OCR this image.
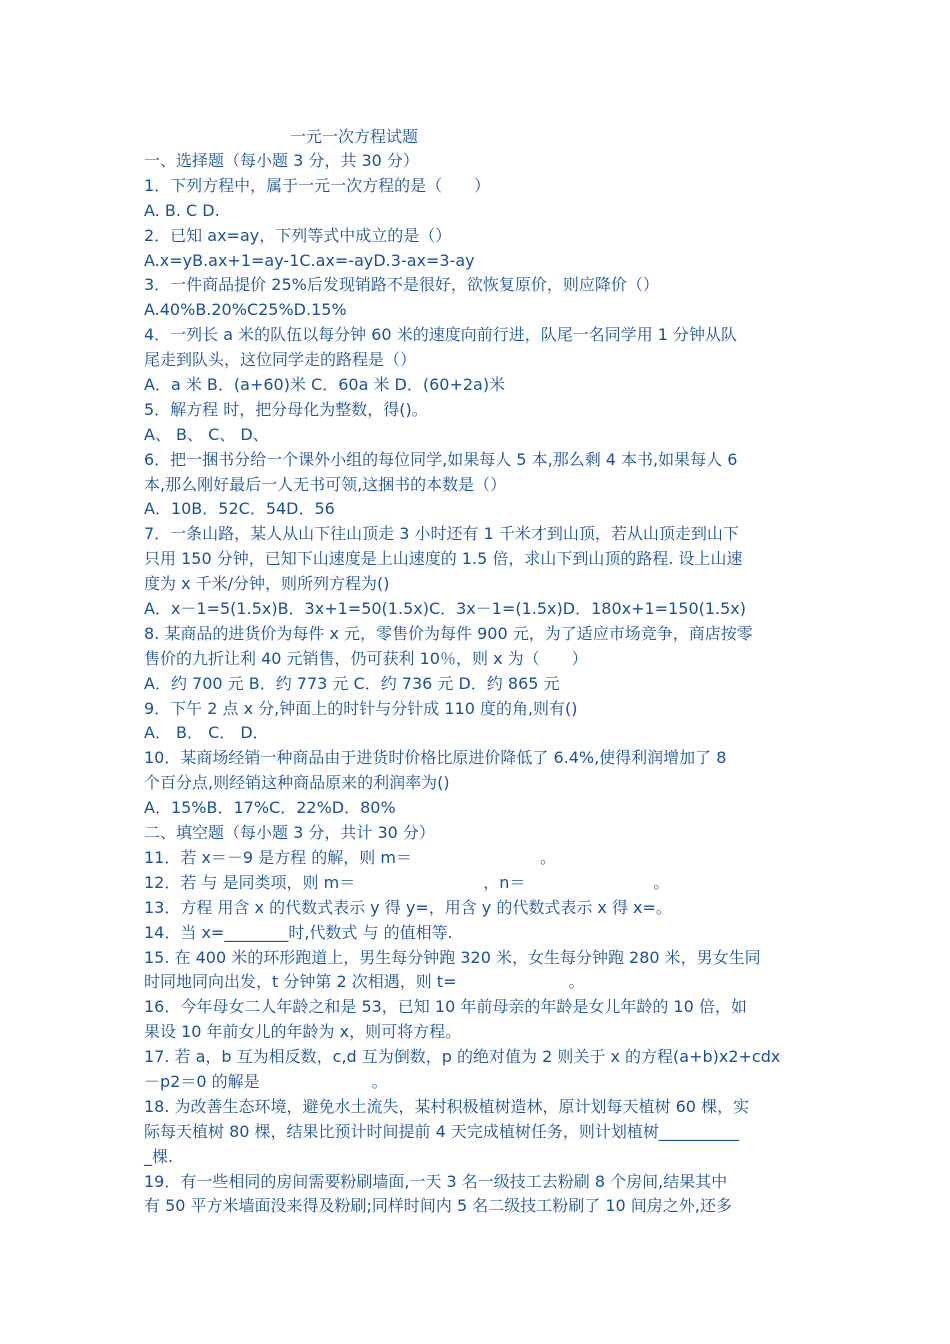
一元一次方程试题
一、选择题（每小题 3 分，共 30 分）
1．下列方程中，属于一元一次方程的是（　　）
A. B. C D.
2．已知 ax=ay，下列等式中成立的是（）
A.x=yB.ax+1=ay-1C.ax=-ayD.3-ax=3-ay
3．一件商品提价 25%后发现销路不是很好，欲恢复原价，则应降价（）
A.40%B.20%C25%D.15%
4．一列长 a 米的队伍以每分钟 60 米的速度向前行进，队尾一名同学用 1 分钟从队
尾走到队头，这位同学走的路程是（）
A．a 米 B．(a+60)米 C．60a 米 D．(60+2a)米
5．解方程 时，把分母化为整数，得()。
A、 B、 C、 D、
6．把一捆书分给一个课外小组的每位同学,如果每人 5 本,那么剩 4 本书,如果每人 6
本,那么刚好最后一人无书可领,这捆书的本数是（）
A．10B．52C．54D．56
7．一条山路，某人从山下往山顶走 3 小时还有 1 千米才到山顶，若从山顶走到山下
只用 150 分钟，已知下山速度是上山速度的 1.5 倍，求山下到山顶的路程. 设上山速
度为 x 千米/分钟，则所列方程为()
A．x－1=5(1.5x)B．3x+1=50(1.5x)C．3x－1=(1.5x)D．180x+1=150(1.5x)
8. 某商品的进货价为每件 x 元，零售价为每件 900 元，为了适应市场竞争，商店按零
售价的九折让利 40 元销售，仍可获利 10％，则 x 为（　　）
A．约 700 元 B．约 773 元 C．约 736 元 D．约 865 元
9．下午 2 点 x 分,钟面上的时针与分针成 110 度的角,则有()
A． B． C． D．
10．某商场经销一种商品由于进货时价格比原进价降低了 6.4%,使得利润增加了 8
个百分点,则经销这种商品原来的利润率为()
A．15%B．17%C．22%D．80%
二、填空题（每小题 3 分，共计 30 分）
11．若 x＝－9 是方程 的解，则 m＝　　　　　　　　。
12．若 与 是同类项，则 m＝　　　　　　　　，n＝　　　　　　　　。
13．方程 用含 x 的代数式表示 y 得 y=，用含 y 的代数式表示 x 得 x=。
14．当 x=________时,代数式 与 的值相等.
15. 在 400 米的环形跑道上，男生每分钟跑 320 米，女生每分钟跑 280 米，男女生同
时同地同向出发，t 分钟第 2 次相遇，则 t=　　　　　　　。
16．今年母女二人年龄之和是 53，已知 10 年前母亲的年龄是女儿年龄的 10 倍，如
果设 10 年前女儿的年龄为 x，则可将方程。
17. 若 a，b 互为相反数，c,d 互为倒数，p 的绝对值为 2 则关于 x 的方程(a+b)x2+cdx
－p2＝0 的解是　　　　　　　。
18. 为改善生态环境，避免水土流失，某村积极植树造林，原计划每天植树 60 棵，实
际每天植树 80 棵，结果比预计时间提前 4 天完成植树任务，则计划植树__________
_棵.
19．有一些相同的房间需要粉刷墙面,一天 3 名一级技工去粉刷 8 个房间,结果其中
有 50 平方米墙面没来得及粉刷;同样时间内 5 名二级技工粉刷了 10 间房之外,还多
